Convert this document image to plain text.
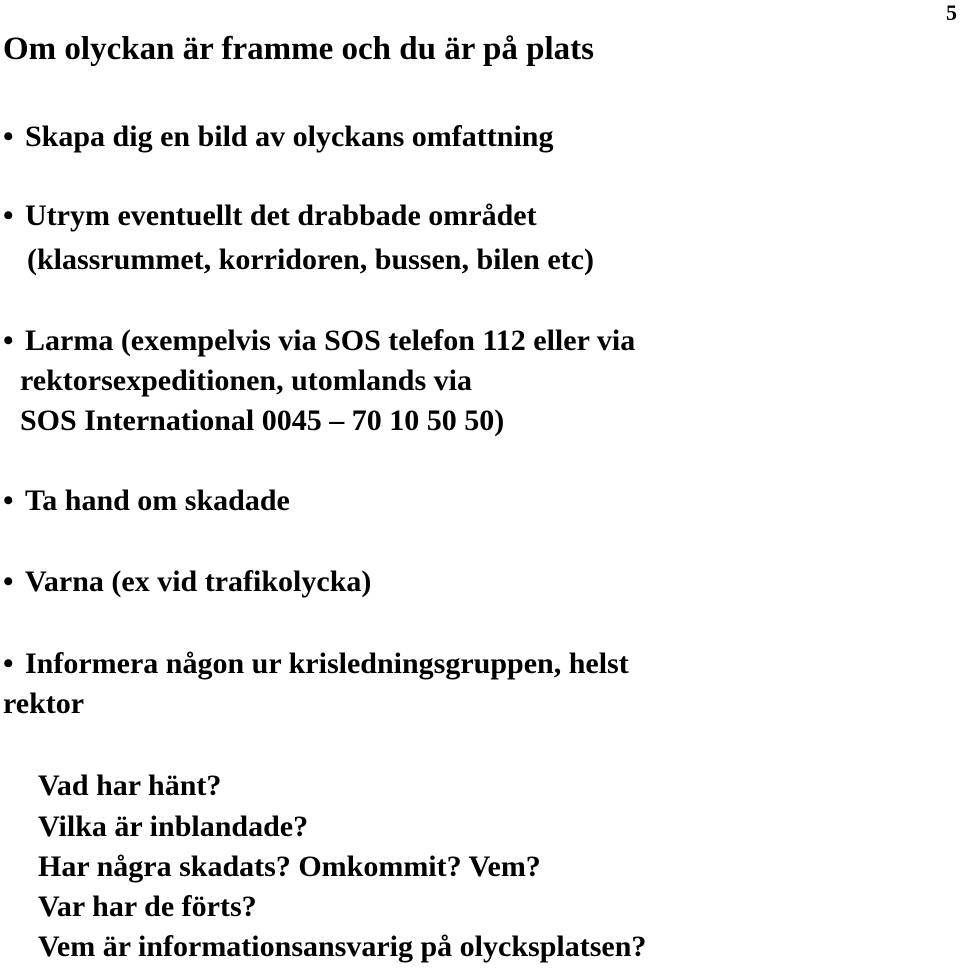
5
Om olyckan är framme och du är på plats
• Skapa dig en bild av olyckans omfattning
• Utrym eventuellt det drabbade området
(klassrummet, korridoren, bussen, bilen etc)
• Larma (exempelvis via SOS telefon 112 eller via
rektorsexpeditionen, utomlands via
SOS International 0045 – 70 10 50 50)
• Ta hand om skadade
• Varna (ex vid trafikolycka)
• Informera någon ur krisledningsgruppen, helst
rektor
Vad har hänt?
Vilka är inblandade?
Har några skadats? Omkommit? Vem?
Var har de förts?
Vem är informationsansvarig på olycksplatsen?
